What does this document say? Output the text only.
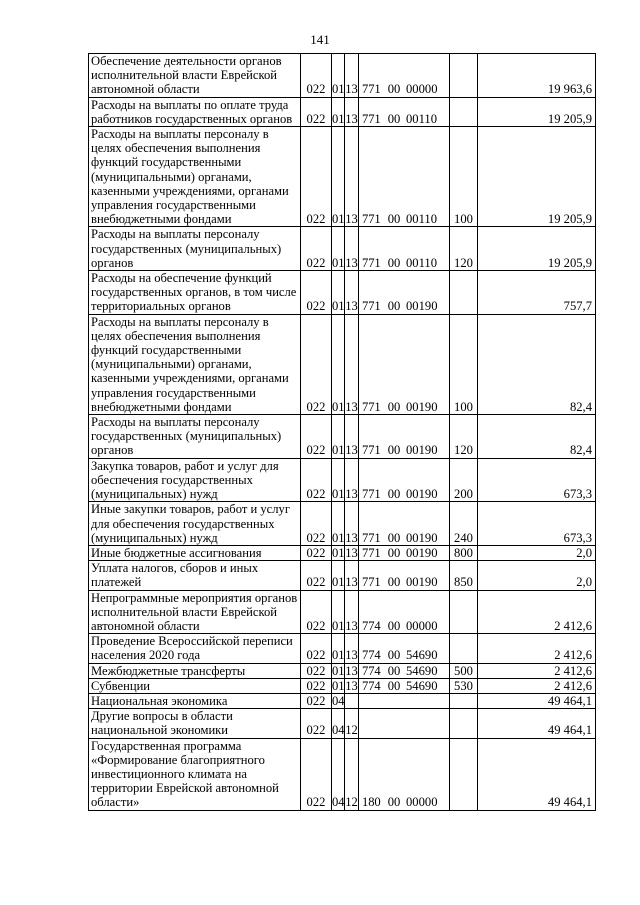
141
Обеспечение деятельности органов исполнительной власти Еврейской автономной области	022	01	13	771 00 00000		19 963,6
Расходы на выплаты по оплате труда работников государственных органов	022	01	13	771 00 00110		19 205,9
Расходы на выплаты персоналу в целях обеспечения выполнения функций государственными (муниципальными) органами, казенными учреждениями, органами управления государственными внебюджетными фондами	022	01	13	771 00 00110	100	19 205,9
Расходы на выплаты персоналу государственных (муниципальных) органов	022	01	13	771 00 00110	120	19 205,9
Расходы на обеспечение функций государственных органов, в том числе территориальных органов	022	01	13	771 00 00190		757,7
Расходы на выплаты персоналу в целях обеспечения выполнения функций государственными (муниципальными) органами, казенными учреждениями, органами управления государственными внебюджетными фондами	022	01	13	771 00 00190	100	82,4
Расходы на выплаты персоналу государственных (муниципальных) органов	022	01	13	771 00 00190	120	82,4
Закупка товаров, работ и услуг для обеспечения государственных (муниципальных) нужд	022	01	13	771 00 00190	200	673,3
Иные закупки товаров, работ и услуг для обеспечения государственных (муниципальных) нужд	022	01	13	771 00 00190	240	673,3
Иные бюджетные ассигнования	022	01	13	771 00 00190	800	2,0
Уплата налогов, сборов и иных платежей	022	01	13	771 00 00190	850	2,0
Непрограммные мероприятия органов исполнительной власти Еврейской автономной области	022	01	13	774 00 00000		2 412,6
Проведение Всероссийской переписи населения 2020 года	022	01	13	774 00 54690		2 412,6
Межбюджетные трансферты	022	01	13	774 00 54690	500	2 412,6
Субвенции	022	01	13	774 00 54690	530	2 412,6
Национальная экономика	022	04				49 464,1
Другие вопросы в области национальной экономики	022	04	12			49 464,1
Государственная программа «Формирование благоприятного инвестиционного климата на территории Еврейской автономной области»	022	04	12	180 00 00000		49 464,1
